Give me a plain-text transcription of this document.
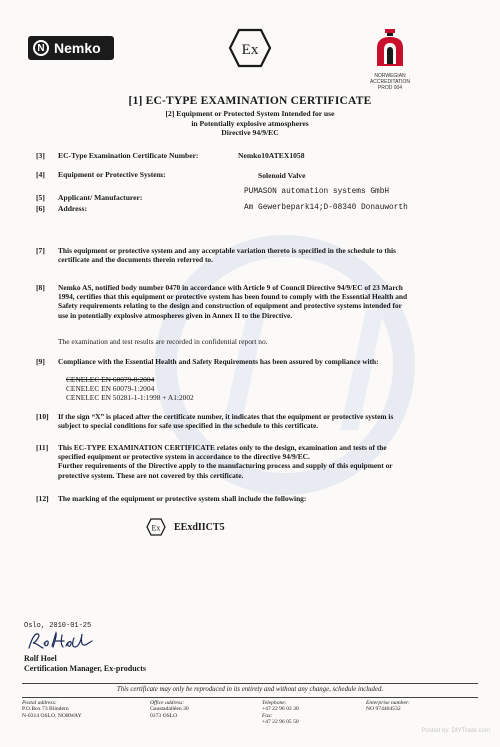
N Nemko	Ex
NORWEGIAN
ACCREDITATION
PROD 004
[1] EC-TYPE EXAMINATION CERTIFICATE
[2] Equipment or Protected System Intended for use
in Potentially explosive atmospheres
Directive 94/9/EC
[3] EC-Type Examination Certificate Number:	Nemko10ATEX1058
[4] Equipment or Protective System:	Solenoid Valve
[5] Applicant/ Manufacturer:
PUMASON automation systems GmbH
[6] Address:	Am Gewerbepark14;D-08340 Donauworth
[7] This equipment or protective system and any acceptable variation thereto is specified in the schedule to this
certificate and the documents therein referred to.
[8] Nemko AS, notified body number 0470 in accordance with Article 9 of Council Directive 94/9/EC of 23 March
1994, certifies that this equipment or protective system has been found to comply with the Essential Health and
Safety requirements relating to the design and construction of equipment and protective systems intended for
use in potentially explosive atmospheres given in Annex II to the Directive.
The examination and test results are recorded in confidential report no.
[9] Compliance with the Essential Health and Safety Requirements has been assured by compliance with:
CENELEC EN 60079-0:2004
CENELEC EN 60079-1:2004
CENELEC EN 50281-1-1:1998 + A1:2002
[10] If the sign “X” is placed after the certificate number, it indicates that the equipment or protective system is
subject to special conditions for safe use specified in the schedule to this certificate.
[11] This EC-TYPE EXAMINATION CERTIFICATE relates only to the design, examination and tests of the
specified equipment or protective system in accordance to the directive 94/9/EC.
Further requirements of the Directive apply to the manufacturing process and supply of this equipment or
protective system. These are not covered by this certificate.
[12] The marking of the equipment or protective system shall include the following:
Ex EExdIICT5
Oslo, 2010-01-25
Rolf Hoel
Certification Manager, Ex-products
This certificate may only be reproduced in its entirety and without any change, schedule included.
Postal address:
P.O.Box 73 Blindern
N-0314 OSLO, NORWAY
Office address:
Gaustadalléen 30
0373 OSLO
Telephone:
+47 22 96 03 30
Fax:
+47 22 96 05 50
Enterprise number:
NO 974404532
Posted by: DIYTrade.com
